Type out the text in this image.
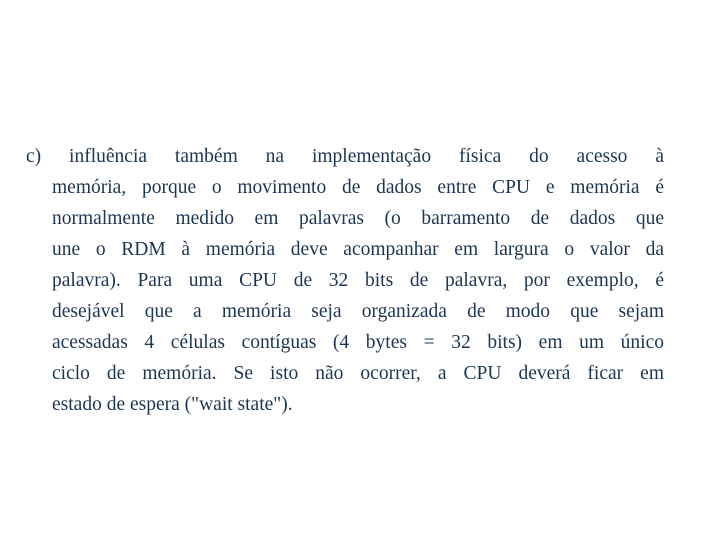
c) influência também na implementação física do acesso à
memória, porque o movimento de dados entre CPU e memória é
normalmente medido em palavras (o barramento de dados que
une o RDM à memória deve acompanhar em largura o valor da
palavra). Para uma CPU de 32 bits de palavra, por exemplo, é
desejável que a memória seja organizada de modo que sejam
acessadas 4 células contíguas (4 bytes = 32 bits) em um único
ciclo de memória. Se isto não ocorrer, a CPU deverá ficar em
estado de espera ("wait state").
